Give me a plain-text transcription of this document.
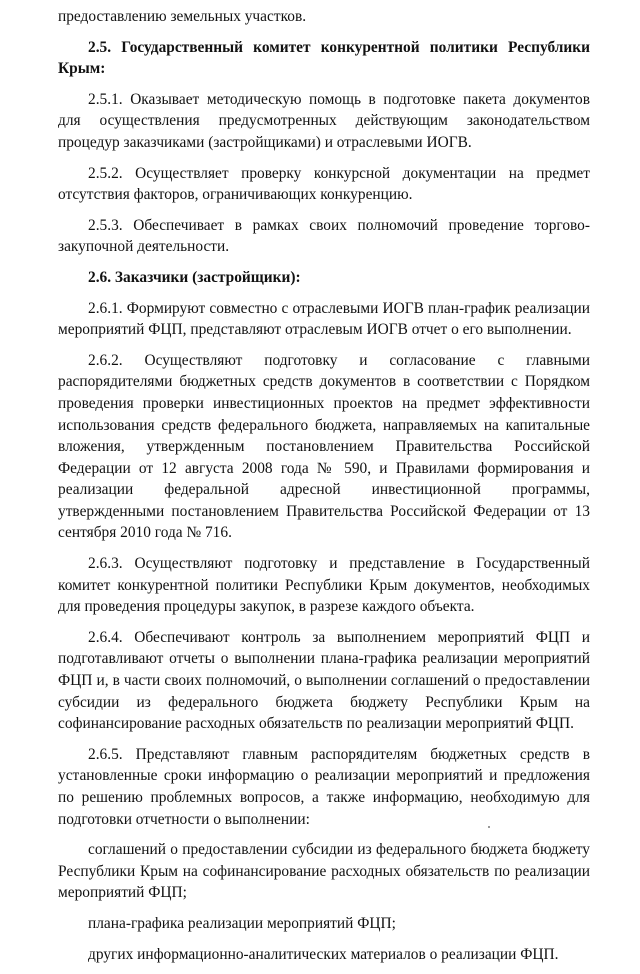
предоставлению земельных участков.

2.5. Государственный комитет конкурентной политики Республики Крым:

2.5.1. Оказывает методическую помощь в подготовке пакета документов для осуществления предусмотренных действующим законодательством процедур заказчиками (застройщиками) и отраслевыми ИОГВ.

2.5.2. Осуществляет проверку конкурсной документации на предмет отсутствия факторов, ограничивающих конкуренцию.

2.5.3. Обеспечивает в рамках своих полномочий проведение торгово-закупочной деятельности.

2.6. Заказчики (застройщики):

2.6.1. Формируют совместно с отраслевыми ИОГВ план-график реализации мероприятий ФЦП, представляют отраслевым ИОГВ отчет о его выполнении.

2.6.2. Осуществляют подготовку и согласование с главными распорядителями бюджетных средств документов в соответствии с Порядком проведения проверки инвестиционных проектов на предмет эффективности использования средств федерального бюджета, направляемых на капитальные вложения, утвержденным постановлением Правительства Российской Федерации от 12 августа 2008 года № 590, и Правилами формирования и реализации федеральной адресной инвестиционной программы, утвержденными постановлением Правительства Российской Федерации от 13 сентября 2010 года № 716.

2.6.3. Осуществляют подготовку и представление в Государственный комитет конкурентной политики Республики Крым документов, необходимых для проведения процедуры закупок, в разрезе каждого объекта.

2.6.4. Обеспечивают контроль за выполнением мероприятий ФЦП и подготавливают отчеты о выполнении плана-графика реализации мероприятий ФЦП и, в части своих полномочий, о выполнении соглашений о предоставлении субсидии из федерального бюджета бюджету Республики Крым на софинансирование расходных обязательств по реализации мероприятий ФЦП.

2.6.5. Представляют главным распорядителям бюджетных средств в установленные сроки информацию о реализации мероприятий и предложения по решению проблемных вопросов, а также информацию, необходимую для подготовки отчетности о выполнении:

соглашений о предоставлении субсидии из федерального бюджета бюджету Республики Крым на софинансирование расходных обязательств по реализации мероприятий ФЦП;

плана-графика реализации мероприятий ФЦП;

других информационно-аналитических материалов о реализации ФЦП.
